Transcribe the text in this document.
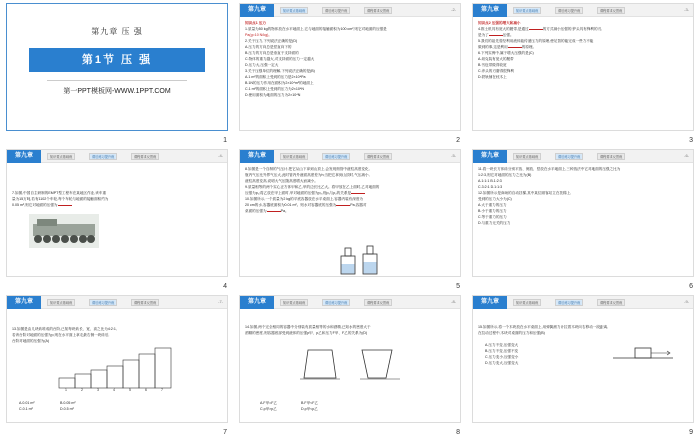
第九章 压 强
第1节 压 强
第一PPT模板网-WWW.1PPT.COM
1
第九章	知识要点基础练	课后练习提升练	课程要求反思练	-2-
知识点1 压力
1.质量为50 kg的物体放在水平地面上,它与地面的接触面积为100 cm²,则它对地面的压强是
Pa(g=10 N/kg)。
2.关于压力,下列说法正确的是(D)
A.压力的方向总是竖直向下的
B.压力的方向总是垂直于支持面的
C.物体的重力越大,对支持面的压力一定越大
D.压力大,压强一定大
3.关于压强单位的理解,下列说法正确的是(B)
A.1 m²的面积上受到的压力是2×10⁴Pa
B.1N的压力作用在面积为2×10⁴m²的地面上
C.1 m²的面积上受到的压力为2×10⁴N
D.使用面积为地面的压力为2×10⁴N
2
第九章	知识要点基础练	课后练习提升练	课程要求反思练	-3-
知识点2 压强的增大和减小
4.推土机具有宽大的履带,是通过	的方式减小压强的;铲头具有锋利的刃,
是为了	压强。
5.我们的祖先曾经利用液体能传递压力的原理,使足智的能完成一些力不能
做到的事,这是利用	的原理。
6.下列实例中,属于增大压强的是(C)
A.坦克装有宽大的履带
B.书包带做得较宽
C.斧头的刃磨得很锋利
D.铁轨铺在枕木上
3
第九章	知识要点基础练	课后练习提升练	课程要求反思练	-4-
7.如图,中国自主研制的EMPT型工程车在某地区作业,该车重
量为15万吨,若有1102个车轮,每个车轮与地面的接触面积约为
0.05 m²,则它对地面的压强为
4
第九章	知识要点基础练	课后练习提升练	课程要求反思练	-5-
8.如图是一个自制的气压计,把它从山下拿到山顶上,会发现细管中液柱高度变化,
瓶内气压比外界气压大,此时管内外液面高度差为h;当把它拿到山顶时,气压减小,
液柱高度变高,说明大气压随高度增大而减小。
9.质量相等的两个实心正方体甲和乙,甲的边长比乙大。将甲放在乙上面时,乙对地面的
压强为p₁;将乙放在甲上面时,甲对地面的压强为p₂,则p₁与p₂的关系是
10.如图所示,一个质量为2 kg的平底容器放在水平桌面上,容器内装有深度为
20 cm的水,容器底面积为0.01 m²。则水对容器底的压强为	Pa,容器对
桌面的压强为	Pa。
5
第九章	知识要点基础练	课后练习提升练	课程要求反思练	-6-
11.将一块长方体砖分别平放、侧放、竖放在水平地面上,三种放法中它对地面的压强之比为
1:2:3,则它对地面的压力之比为(B)
A.1:1:1 B.1:2:3
C.3:2:1 D.1:1:3
12.如图所示是商场的自动扶梯,其中某位顾客站立在扶梯上,
受到的压力大小为(C)
A.大于重力的压力
B.小于重力的压力
C.等于重力的压力
D.与重力无关的压力
6
第九章	知识要点基础练	课后练习提升练	课程要求反思练	-7-
13.如图是由几块砖堆成的台阶,已知每块砖长、宽、高之比为4:2:1,
若该台阶对地面的压强为p,则在水平面上拿走最右侧一块砖后,
台阶对地面的压强为(A)
1	2	3	4	5	6	7
A.0.01 m²	B.0.05 m²
C.0.1 m²	D.0.5 m²
7
第九章	知识要点基础练	课后练习提升练	课程要求反思练	-8-
14.如图,两个完全相同的容器中分别装有质量相等的水和酒精,已知水的密度大于
酒精的密度,则容器底部受到液体的压强p甲、p乙和压力F甲、F乙的关系为(D)
A.F甲=F乙	B.F甲<F乙
C.p甲>p乙	D.p甲<p乙
8
第九章	知识要点基础练	课后练习提升练	课程要求反思练	-9-
15.如图所示,将一个木块放在水平桌面上,用弹簧测力计拉着木块向右移动一段距离,
在拉动过程中,木块对桌面的压力和压强(B)
A.压力不变,压强变大
B.压力不变,压强不变
C.压力变小,压强变小
D.压力变大,压强变大
9
